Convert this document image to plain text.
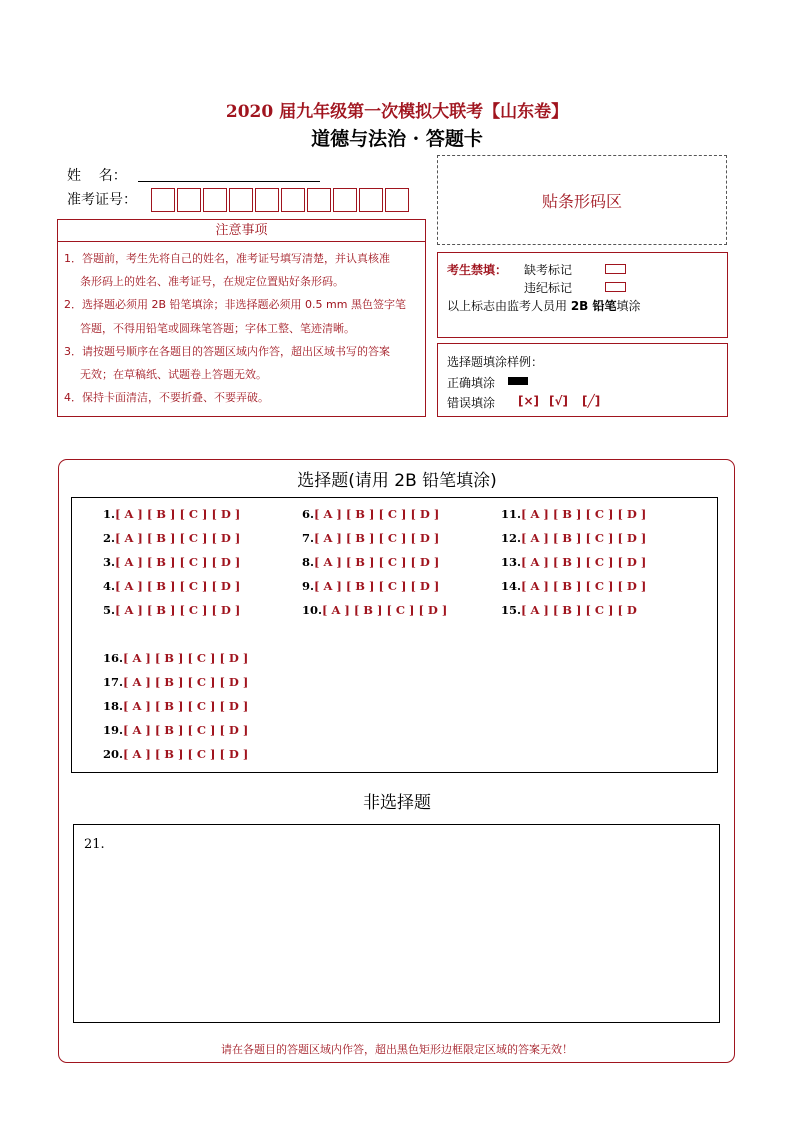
2020 届九年级第一次模拟大联考【山东卷】
道德与法治 · 答题卡
姓    名：
准考证号：	贴条形码区
注意事项

1．答题前，考生先将自己的姓名，准考证号填写清楚，并认真核准

条形码上的姓名、准考证号，在规定位置贴好条形码。

2．选择题必须用 2B 铅笔填涂；非选择题必须用 0.5 mm 黑色签字笔

答题，不得用铅笔或圆珠笔答题；字体工整、笔迹清晰。

3．请按题号顺序在各题目的答题区域内作答，超出区域书写的答案

无效；在草稿纸、试题卷上答题无效。

4．保持卡面清洁，不要折叠、不要弄破。

考生禁填： 缺考标记
违纪标记
以上标志由监考人员用 2B 铅笔填涂
选择题填涂样例：
正确填涂
错误填涂 [×] [√] [╱]
选择题(请用 2B 铅笔填涂)
1.[ A ] [ B ] [ C ] [ D ]
2.[ A ] [ B ] [ C ] [ D ]
3.[ A ] [ B ] [ C ] [ D ]
4.[ A ] [ B ] [ C ] [ D ]
5.[ A ] [ B ] [ C ] [ D ]
6.[ A ] [ B ] [ C ] [ D ]
7.[ A ] [ B ] [ C ] [ D ]
8.[ A ] [ B ] [ C ] [ D ]
9.[ A ] [ B ] [ C ] [ D ]
10.[ A ] [ B ] [ C ] [ D ]
11.[ A ] [ B ] [ C ] [ D ]
12.[ A ] [ B ] [ C ] [ D ]
13.[ A ] [ B ] [ C ] [ D ]
14.[ A ] [ B ] [ C ] [ D ]
15.[ A ] [ B ] [ C ] [ D
16.[ A ] [ B ] [ C ] [ D ]
17.[ A ] [ B ] [ C ] [ D ]
18.[ A ] [ B ] [ C ] [ D ]
19.[ A ] [ B ] [ C ] [ D ]
20.[ A ] [ B ] [ C ] [ D ]
非选择题
21.
请在各题目的答题区域内作答，超出黑色矩形边框限定区域的答案无效！
